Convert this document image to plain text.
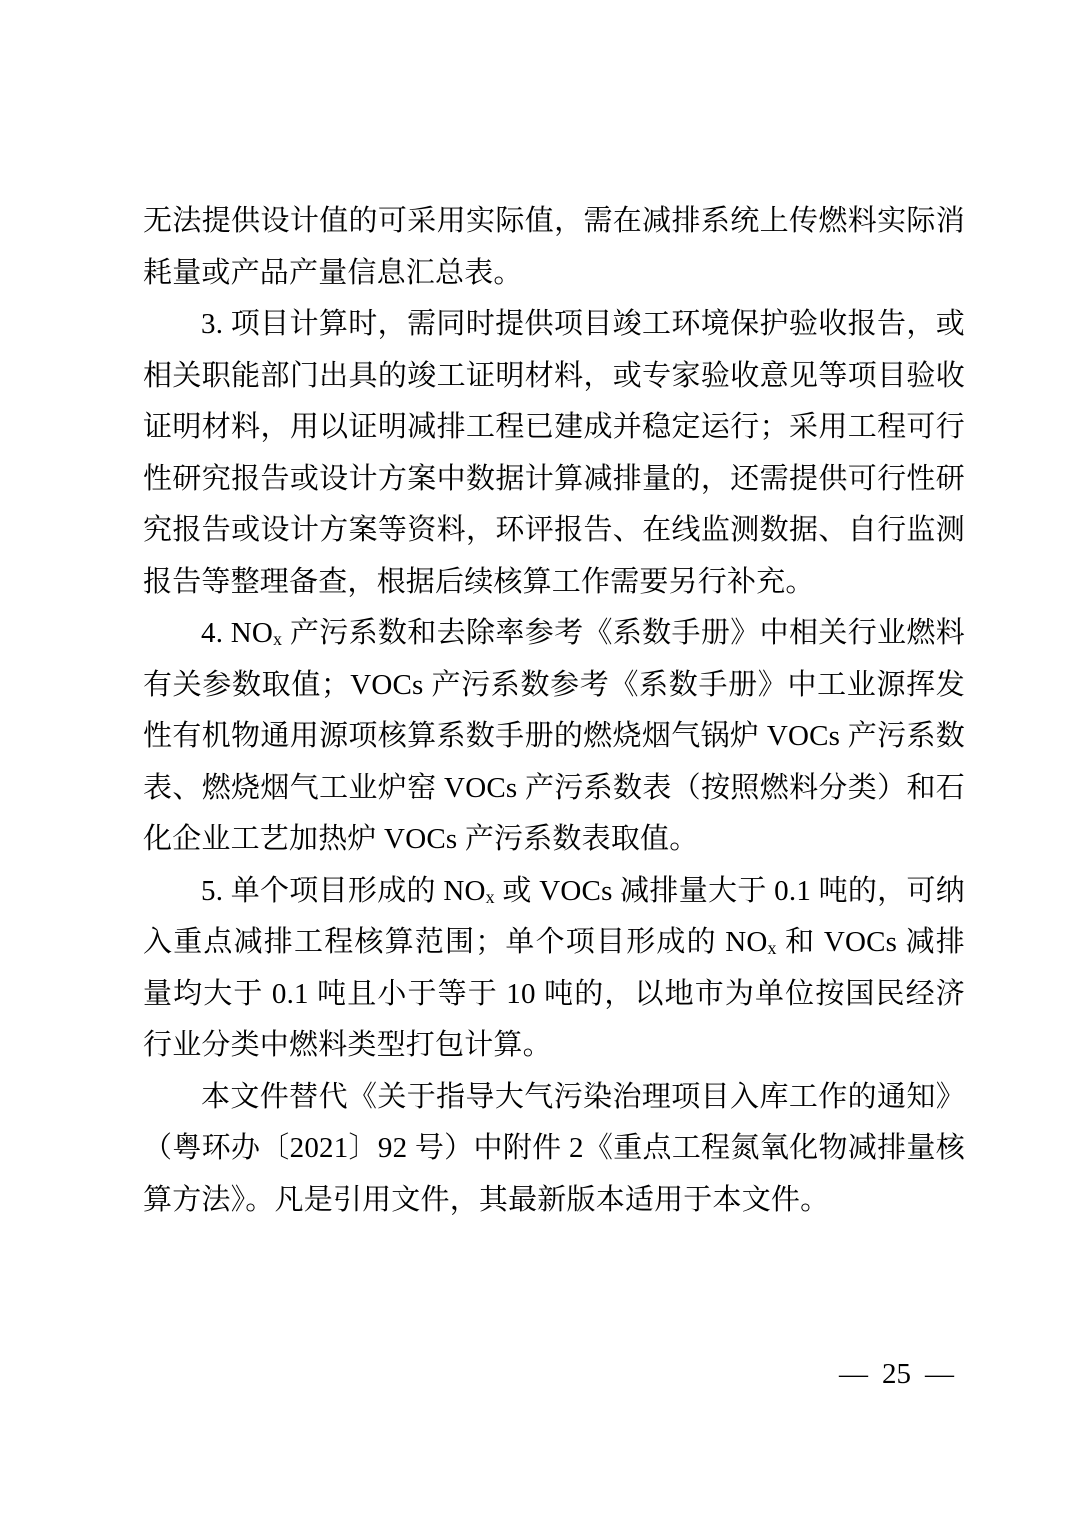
无法提供设计值的可采用实际值，需在减排系统上传燃料实际消耗量或产品产量信息汇总表。

3. 项目计算时，需同时提供项目竣工环境保护验收报告，或相关职能部门出具的竣工证明材料，或专家验收意见等项目验收证明材料，用以证明减排工程已建成并稳定运行；采用工程可行性研究报告或设计方案中数据计算减排量的，还需提供可行性研究报告或设计方案等资料，环评报告、在线监测数据、自行监测报告等整理备查，根据后续核算工作需要另行补充。

4. $NO_x$ 产污系数和去除率参考《系数手册》中相关行业燃料有关参数取值；VOCs 产污系数参考《系数手册》中工业源挥发性有机物通用源项核算系数手册的燃烧烟气锅炉 VOCs 产污系数表、燃烧烟气工业炉窑 VOCs 产污系数表（按照燃料分类）和石化企业工艺加热炉 VOCs 产污系数表取值。

5. 单个项目形成的 $NO_x$ 或 VOCs 减排量大于 0.1 吨的，可纳入重点减排工程核算范围；单个项目形成的 $NO_x$ 和 VOCs 减排量均大于 0.1 吨且小于等于 10 吨的，以地市为单位按国民经济行业分类中燃料类型打包计算。

本文件替代《关于指导大气污染治理项目入库工作的通知》（粤环办〔2021〕92 号）中附件 2《重点工程氮氧化物减排量核算方法》。凡是引用文件，其最新版本适用于本文件。

— 25 —
